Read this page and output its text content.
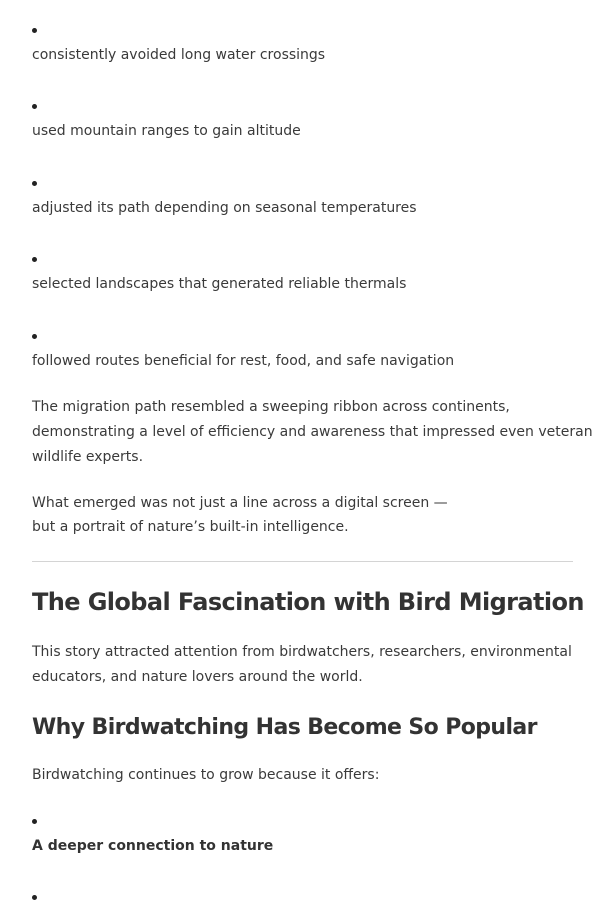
consistently avoided long water crossings
used mountain ranges to gain altitude
adjusted its path depending on seasonal temperatures
selected landscapes that generated reliable thermals
followed routes beneficial for rest, food, and safe navigation

The migration path resembled a sweeping ribbon across continents,
demonstrating a level of efficiency and awareness that impressed even veteran
wildlife experts.

What emerged was not just a line across a digital screen —
but a portrait of nature’s built-in intelligence.

The Global Fascination with Bird Migration

This story attracted attention from birdwatchers, researchers, environmental
educators, and nature lovers around the world.

Why Birdwatching Has Become So Popular

Birdwatching continues to grow because it offers:

A deeper connection to nature
